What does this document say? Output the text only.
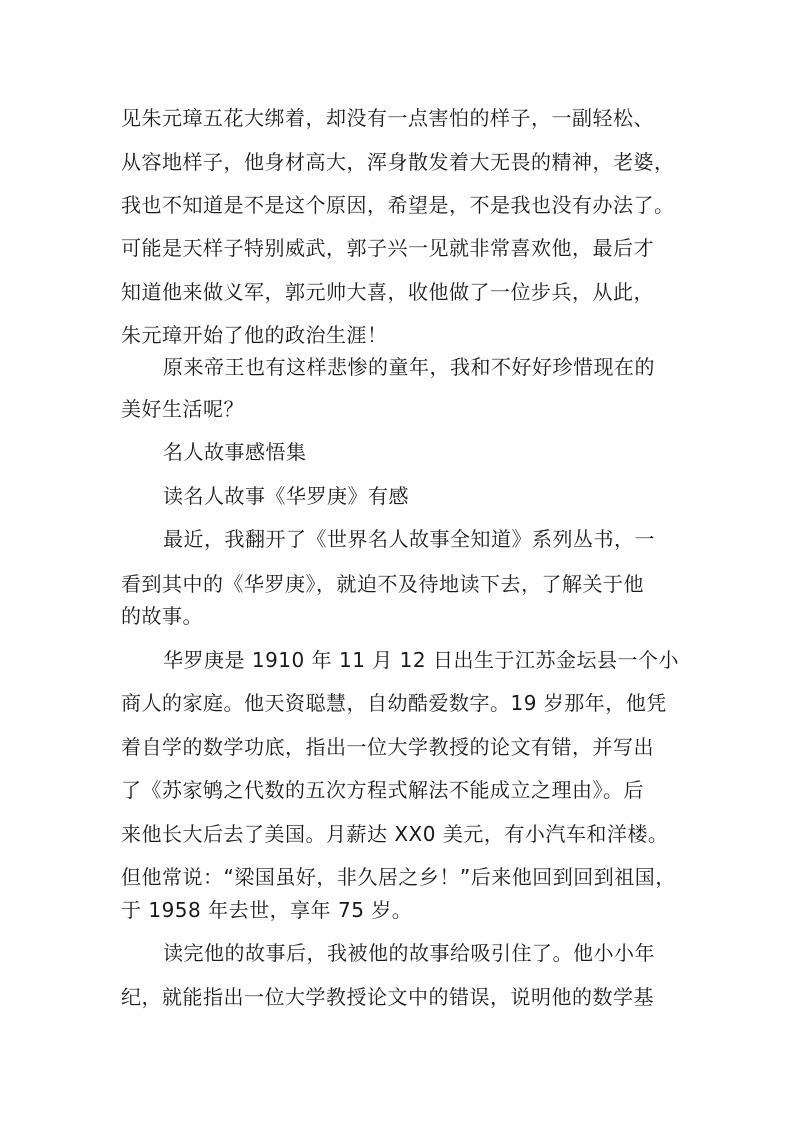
见朱元璋五花大绑着，却没有一点害怕的样子，一副轻松、
从容地样子，他身材高大，浑身散发着大无畏的精神，老婆，
我也不知道是不是这个原因，希望是，不是我也没有办法了。
可能是天样子特别威武，郭子兴一见就非常喜欢他，最后才
知道他来做义军，郭元帅大喜，收他做了一位步兵，从此，
朱元璋开始了他的政治生涯！
原来帝王也有这样悲惨的童年，我和不好好珍惜现在的
美好生活呢？
名人故事感悟集
读名人故事《华罗庚》有感
最近，我翻开了《世界名人故事全知道》系列丛书，一
看到其中的《华罗庚》，就迫不及待地读下去，了解关于他
的故事。
华罗庚是 1910 年 11 月 12 日出生于江苏金坛县一个小
商人的家庭。他天资聪慧，自幼酷爱数字。19 岁那年，他凭
着自学的数学功底，指出一位大学教授的论文有错，并写出
了《苏家鸲之代数的五次方程式解法不能成立之理由》。后
来他长大后去了美国。月薪达 XX0 美元，有小汽车和洋楼。
但他常说：“梁国虽好，非久居之乡！”后来他回到回到祖国，
于 1958 年去世，享年 75 岁。
读完他的故事后，我被他的故事给吸引住了。他小小年
纪，就能指出一位大学教授论文中的错误，说明他的数学基
